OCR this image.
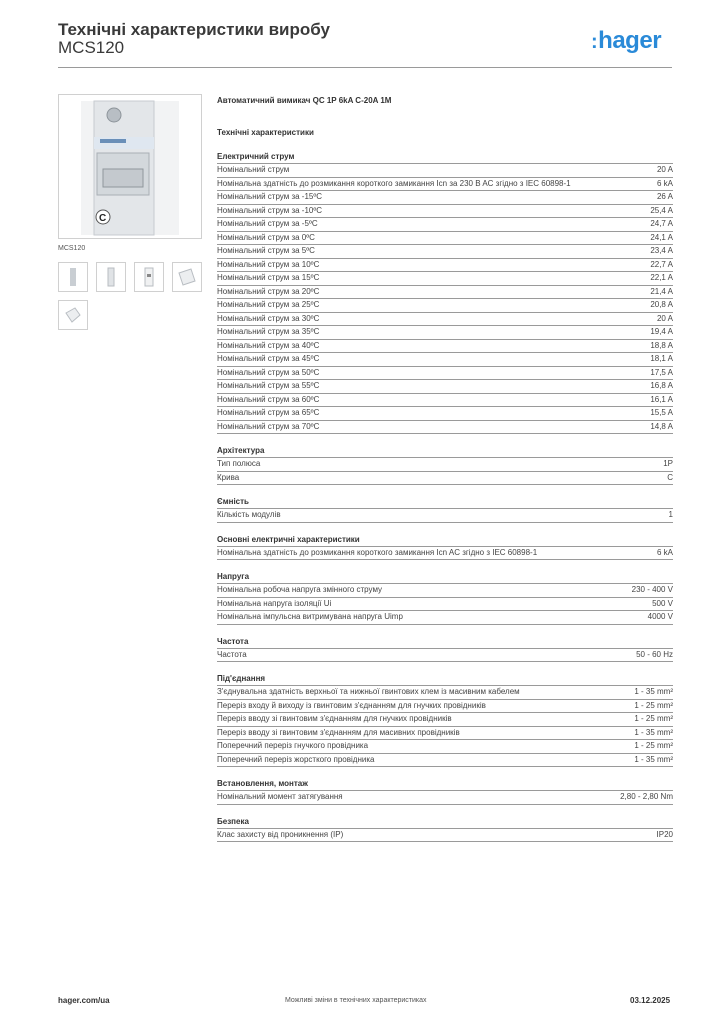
Технічні характеристики виробу
MCS120	:hager
C
MCS120
Автоматичний вимикач QC 1P 6kA C-20A 1M
Технічні характеристики
Електричний струм
Номінальний струм	20 A
Номінальна здатність до розмикання короткого замикання Icn за 230 B AC згідно з IEC 60898-1	6 kA
Номінальний струм за -15ºC	26 A
Номінальний струм за -10ºC	25,4 A
Номінальний струм за -5ºC	24,7 A
Номінальний струм за 0ºC	24,1 A
Номінальний струм за 5ºC	23,4 A
Номінальний струм за 10ºC	22,7 A
Номінальний струм за 15ºC	22,1 A
Номінальний струм за 20ºC	21,4 A
Номінальний струм за 25ºC	20,8 A
Номінальний струм за 30ºC	20 A
Номінальний струм за 35ºC	19,4 A
Номінальний струм за 40ºC	18,8 A
Номінальний струм за 45ºC	18,1 A
Номінальний струм за 50ºC	17,5 A
Номінальний струм за 55ºC	16,8 A
Номінальний струм за 60ºC	16,1 A
Номінальний струм за 65ºC	15,5 A
Номінальний струм за 70ºC	14,8 A
Архітектура
Тип полюса	1P
Крива	C
Ємність
Кількість модулів	1
Основні електричні характеристики
Номінальна здатність до розмикання короткого замикання Icn AC згідно з IEC 60898-1	6 kA
Напруга
Номінальна робоча напруга змінного струму	230 - 400 V
Номінальна напруга ізоляції Ui	500 V
Номінальна імпульсна витримувана напруга Uimp	4000 V
Частота
Частота	50 - 60 Hz
Під'єднання
З'єднувальна здатність верхньої та нижньої гвинтових клем із масивним кабелем	1 - 35 mm²
Переріз входу й виходу із гвинтовим з'єднанням для гнучких провідників	1 - 25 mm²
Переріз вводу зі гвинтовим з'єднанням для гнучких провідників	1 - 25 mm²
Переріз вводу зі гвинтовим з'єднанням для масивних провідників	1 - 35 mm²
Поперечний переріз гнучкого провідника	1 - 25 mm²
Поперечний переріз жорсткого провідника	1 - 35 mm²
Встановлення, монтаж
Номінальний момент затягування	2,80 - 2,80 Nm
Безпека
Клас захисту від проникнення (IP)	IP20
hager.com/ua	Можливі зміни в технічних характеристиках	03.12.2025
